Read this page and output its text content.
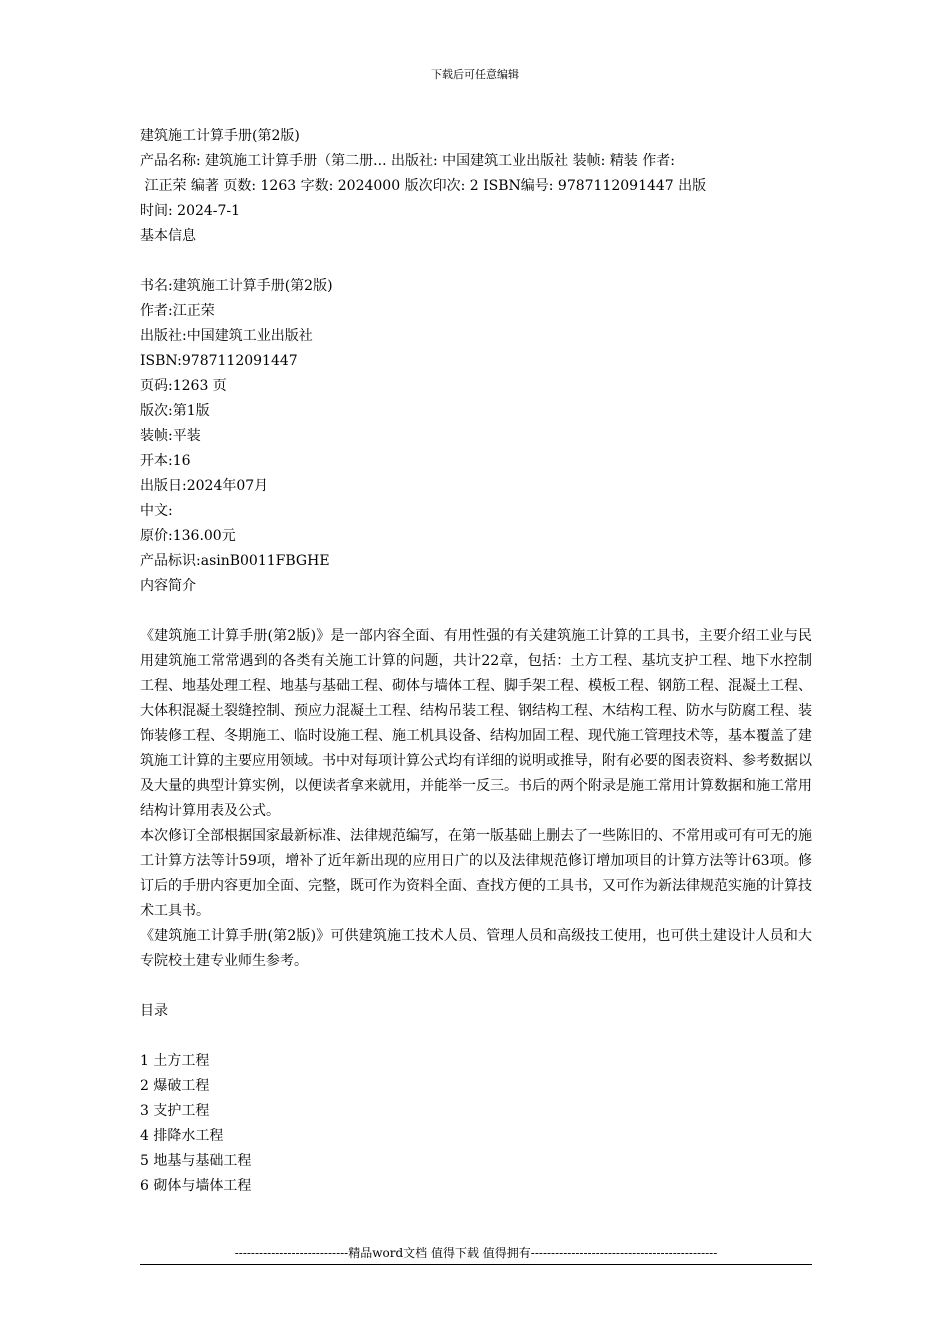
下载后可任意编辑
建筑施工计算手册(第2版)
产品名称: 建筑施工计算手册（第二册... 出版社: 中国建筑工业出版社 装帧: 精装 作者:
江正荣 编著 页数: 1263 字数: 2024000 版次印次: 2 ISBN编号: 9787112091447 出版
时间: 2024-7-1
基本信息
书名:建筑施工计算手册(第2版)
作者:江正荣
出版社:中国建筑工业出版社
ISBN:9787112091447
页码:1263 页
版次:第1版
装帧:平装
开本:16
出版日:2024年07月
中文:
原价:136.00元
产品标识:asinB0011FBGHE
内容简介
《建筑施工计算手册(第2版)》是一部内容全面、有用性强的有关建筑施工计算的工具书，主要介绍工业与民用建筑施工常常遇到的各类有关施工计算的问题，共计22章，包括：土方工程、基坑支护工程、地下水控制工程、地基处理工程、地基与基础工程、砌体与墙体工程、脚手架工程、模板工程、钢筋工程、混凝土工程、大体积混凝土裂缝控制、预应力混凝土工程、结构吊装工程、钢结构工程、木结构工程、防水与防腐工程、装饰装修工程、冬期施工、临时设施工程、施工机具设备、结构加固工程、现代施工管理技术等，基本覆盖了建筑施工计算的主要应用领域。书中对每项计算公式均有详细的说明或推导，附有必要的图表资料、参考数据以及大量的典型计算实例，以便读者拿来就用，并能举一反三。书后的两个附录是施工常用计算数据和施工常用结构计算用表及公式。
本次修订全部根据国家最新标准、法律规范编写，在第一版基础上删去了一些陈旧的、不常用或可有可无的施工计算方法等计59项，增补了近年新出现的应用日广的以及法律规范修订增加项目的计算方法等计63项。修订后的手册内容更加全面、完整，既可作为资料全面、查找方便的工具书，又可作为新法律规范实施的计算技术工具书。
《建筑施工计算手册(第2版)》可供建筑施工技术人员、管理人员和高级技工使用，也可供土建设计人员和大专院校土建专业师生参考。
目录
1 土方工程
2 爆破工程
3 支护工程
4 排降水工程
5 地基与基础工程
6 砌体与墙体工程
----------------------------精品word文档 值得下载 值得拥有----------------------------------------------
